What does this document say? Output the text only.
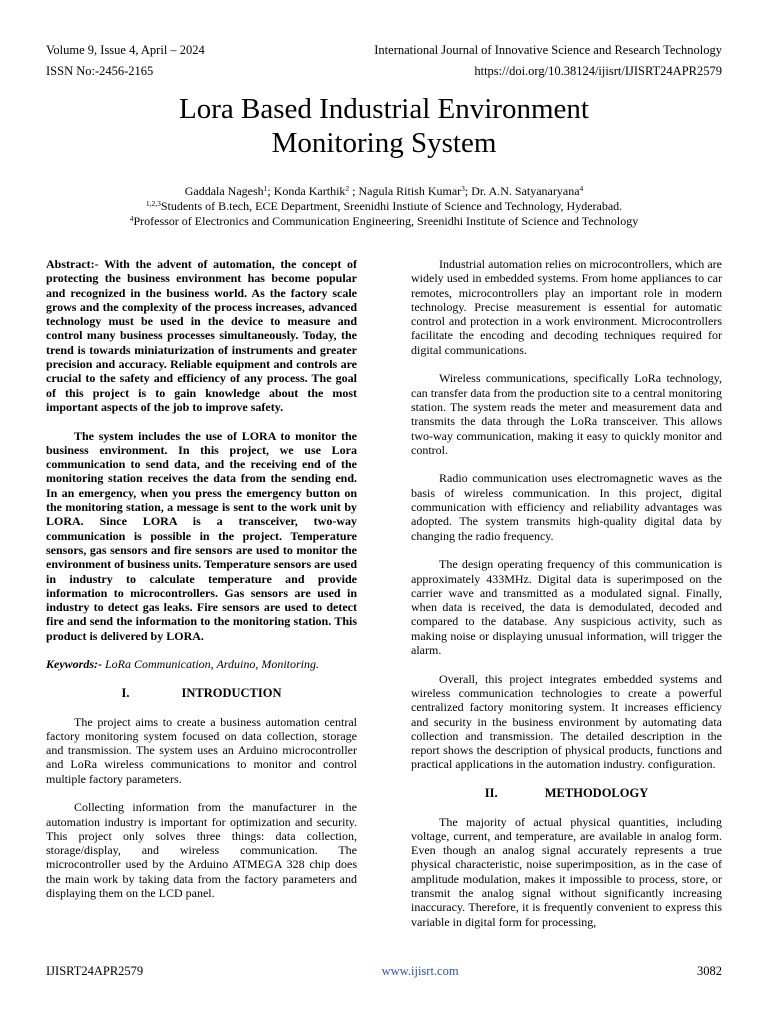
Volume 9, Issue 4, April – 2024	International Journal of Innovative Science and Research Technology
ISSN No:-2456-2165	https://doi.org/10.38124/ijisrt/IJISRT24APR2579
Lora Based Industrial Environment
Monitoring System
Gaddala Nagesh$^1$; Konda Karthik$^2$ ; Nagula Ritish Kumar$^3$; Dr. A.N. Satyanaryana$^4$
$^{1,2,3}$Students of B.tech, ECE Department, Sreenidhi Instiute of Science and Technology, Hyderabad.
$^4$Professor of Electronics and Communication Engineering, Sreenidhi Institute of Science and Technology

Abstract:- With the advent of automation, the concept of protecting the business environment has become popular and recognized in the business world. As the factory scale grows and the complexity of the process increases, advanced technology must be used in the device to measure and control many business processes simultaneously. Today, the trend is towards miniaturization of instruments and greater precision and accuracy. Reliable equipment and controls are crucial to the safety and efficiency of any process. The goal of this project is to gain knowledge about the most important aspects of the job to improve safety.

The system includes the use of LORA to monitor the business environment. In this project, we use Lora communication to send data, and the receiving end of the monitoring station receives the data from the sending end. In an emergency, when you press the emergency button on the monitoring station, a message is sent to the work unit by LORA. Since LORA is a transceiver, two-way communication is possible in the project. Temperature sensors, gas sensors and fire sensors are used to monitor the environment of business units. Temperature sensors are used in industry to calculate temperature and provide information to microcontrollers. Gas sensors are used in industry to detect gas leaks. Fire sensors are used to detect fire and send the information to the monitoring station. This product is delivered by LORA.

Keywords:- LoRa Communication, Arduino, Monitoring.

I.	INTRODUCTION

The project aims to create a business automation central factory monitoring system focused on data collection, storage and transmission. The system uses an Arduino microcontroller and LoRa wireless communications to monitor and control multiple factory parameters.

Collecting information from the manufacturer in the automation industry is important for optimization and security. This project only solves three things: data collection, storage/display, and wireless communication. The microcontroller used by the Arduino ATMEGA 328 chip does the main work by taking data from the factory parameters and displaying them on the LCD panel.

Industrial automation relies on microcontrollers, which are widely used in embedded systems. From home appliances to car remotes, microcontrollers play an important role in modern technology. Precise measurement is essential for automatic control and protection in a work environment. Microcontrollers facilitate the encoding and decoding techniques required for digital communications.

Wireless communications, specifically LoRa technology, can transfer data from the production site to a central monitoring station. The system reads the meter and measurement data and transmits the data through the LoRa transceiver. This allows two-way communication, making it easy to quickly monitor and control.

Radio communication uses electromagnetic waves as the basis of wireless communication. In this project, digital communication with efficiency and reliability advantages was adopted. The system transmits high-quality digital data by changing the radio frequency.

The design operating frequency of this communication is approximately 433MHz. Digital data is superimposed on the carrier wave and transmitted as a modulated signal. Finally, when data is received, the data is demodulated, decoded and compared to the database. Any suspicious activity, such as making noise or displaying unusual information, will trigger the alarm.

Overall, this project integrates embedded systems and wireless communication technologies to create a powerful centralized factory monitoring system. It increases efficiency and security in the business environment by automating data collection and transmission. The detailed description in the report shows the description of physical products, functions and practical applications in the automation industry. configuration.

II.	METHODOLOGY

The majority of actual physical quantities, including voltage, current, and temperature, are available in analog form. Even though an analog signal accurately represents a true physical characteristic, noise superimposition, as in the case of amplitude modulation, makes it impossible to process, store, or transmit the analog signal without significantly increasing inaccuracy. Therefore, it is frequently convenient to express this variable in digital form for processing,

IJISRT24APR2579	www.ijisrt.com	3082
